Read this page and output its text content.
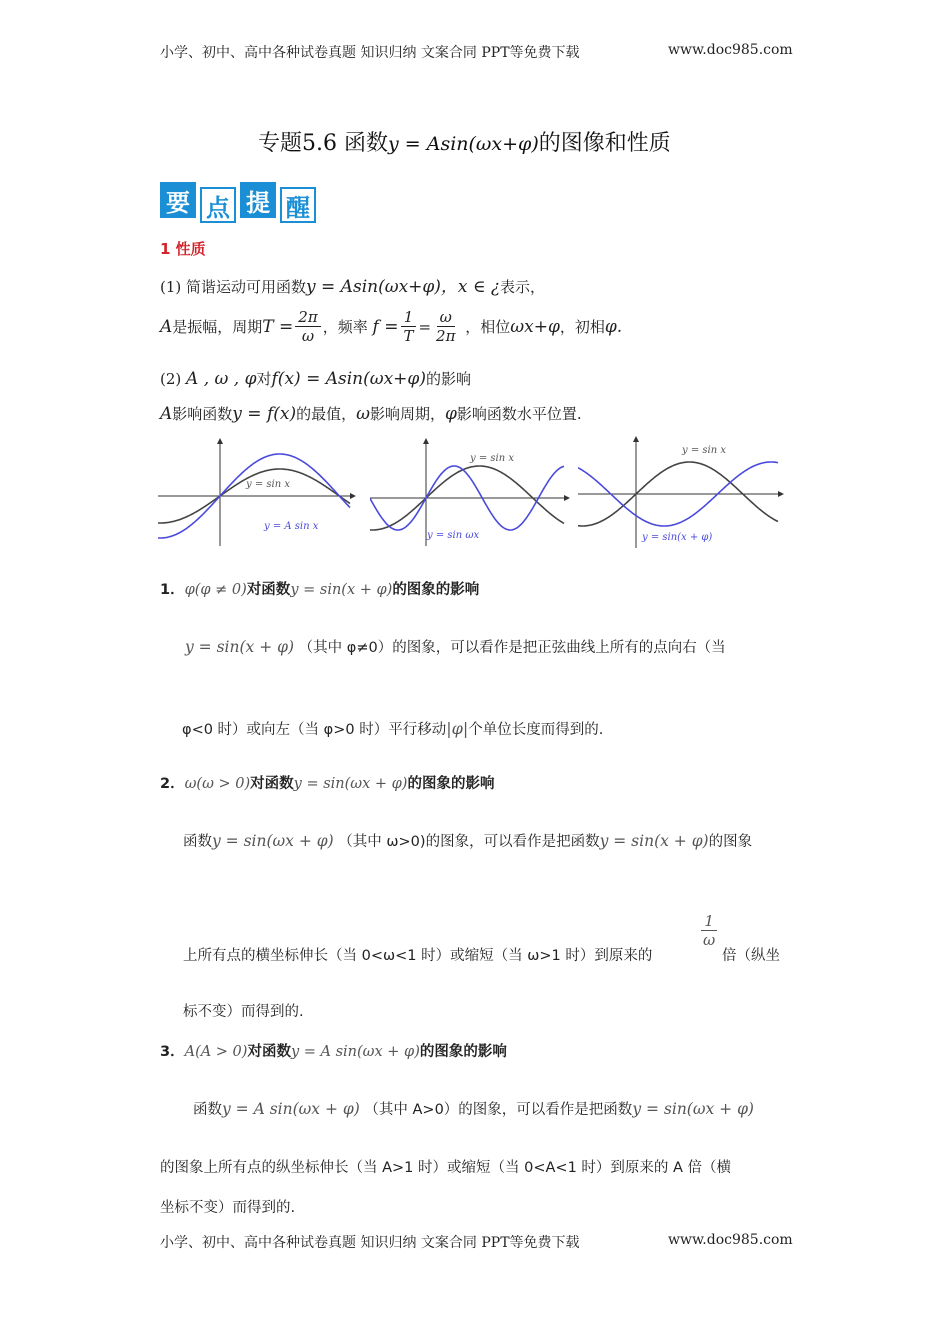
小学、初中、高中各种试卷真题 知识归纳 文案合同 PPT等免费下载	www.doc985.com
专题5.6 函数y = Asin(ωx+φ)的图像和性质
要 点 提 醒
1 性质
(1) 简谐运动可用函数y = Asin(ωx+φ)，x ∈ ¿表示，
A 是振幅，周期 $T = \frac{2\pi}{\omega}$ ，频率
$f = \frac{1}{T} = \frac{\omega}{2\pi}$
，相位 ωx+φ ，初相 φ.
(2) A , ω , φ对f(x) = Asin(ωx+φ)的影响
A影响函数y = f(x)的最值，ω影响周期，φ影响函数水平位置.
y = sin x
y = A sin x
y = sin x
y = sin ωx
y = sin x
y = sin(x + φ)
1．φ(φ ≠ 0)对函数y = sin(x + φ)的图象的影响
y = sin(x + φ) （其中 φ≠0）的图象，可以看作是把正弦曲线上所有的点向右（当
φ<0 时）或向左（当 φ>0 时）平行移动|φ|个单位长度而得到的.
2．ω(ω > 0)对函数y = sin(ωx + φ)的图象的影响
函数y = sin(ωx + φ) （其中 ω>0)的图象，可以看作是把函数y = sin(x + φ)的图象
$\frac{1}{\omega}$
上所有点的横坐标伸长（当 0<ω<1 时）或缩短（当 ω>1 时）到原来的	倍（纵坐
标不变）而得到的.
3．A(A > 0)对函数y = A sin(ωx + φ)的图象的影响
函数y = A sin(ωx + φ) （其中 A>0）的图象，可以看作是把函数y = sin(ωx + φ)
的图象上所有点的纵坐标伸长（当 A>1 时）或缩短（当 0<A<1 时）到原来的 A 倍（横
坐标不变）而得到的.
小学、初中、高中各种试卷真题 知识归纳 文案合同 PPT等免费下载	www.doc985.com
